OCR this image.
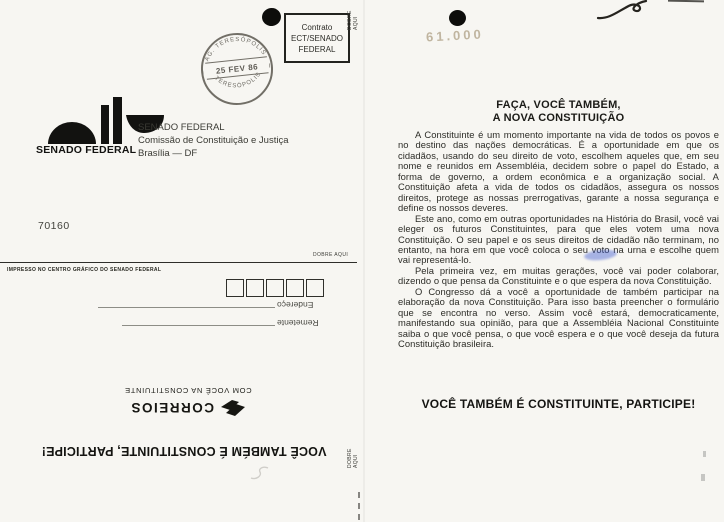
Contrato
ECT/SENADO
FEDERAL
AG. TERESÓPOLIS
TERESÓPOLIS
25 FEV 86
I
I
61.000
DOBRE AQUI
SENADO FEDERAL
SENADO FEDERAL
Comissão de Constituição e Justiça
Brasília — DF
70160
DOBRE AQUI
IMPRESSO NO CENTRO GRÁFICO DO SENADO FEDERAL
Endereço
Remetente
CORREIOS
COM VOCÊ NA CONSTITUINTE
VOCÊ TAMBÉM É CONSTITUINTE, PARTICIPE!
FAÇA, VOCÊ TAMBÉM,
A NOVA CONSTITUIÇÃO

A Constituinte é um momento importante na vida de todos os povos e no destino das nações democráticas. É a oportunidade em que os cidadãos, usando do seu direito de voto, escolhem aqueles que, em seu nome e reunidos em Assembléia, decidem sobre o papel do Estado, a forma de governo, a ordem econômica e a organização social. A Constituição afeta a vida de todos os cidadãos, assegura os nossos direitos, protege as nossas prerrogativas, garante a nossa segurança e define os nossos deveres.

Este ano, como em outras oportunidades na História do Brasil, você vai eleger os futuros Constituintes, para que eles votem uma nova Constituição. O seu papel e os seus direitos de cidadão não terminam, no entanto, na hora em que você coloca o seu voto na urna e escolhe quem vai representá-lo.

Pela primeira vez, em muitas gerações, você vai poder colaborar, dizendo o que pensa da Constituinte e o que espera da nova Constituição.

O Congresso dá a você a oportunidade de também participar na elaboração da nova Constituição. Para isso basta preencher o formulário que se encontra no verso. Assim você estará, democraticamente, manifestando sua opinião, para que a Assembléia Nacional Constituinte saiba o que você pensa, o que você espera e o que você deseja da futura Constituição brasileira.

VOCÊ TAMBÉM É CONSTITUINTE, PARTICIPE!
DOBRE AQUI
